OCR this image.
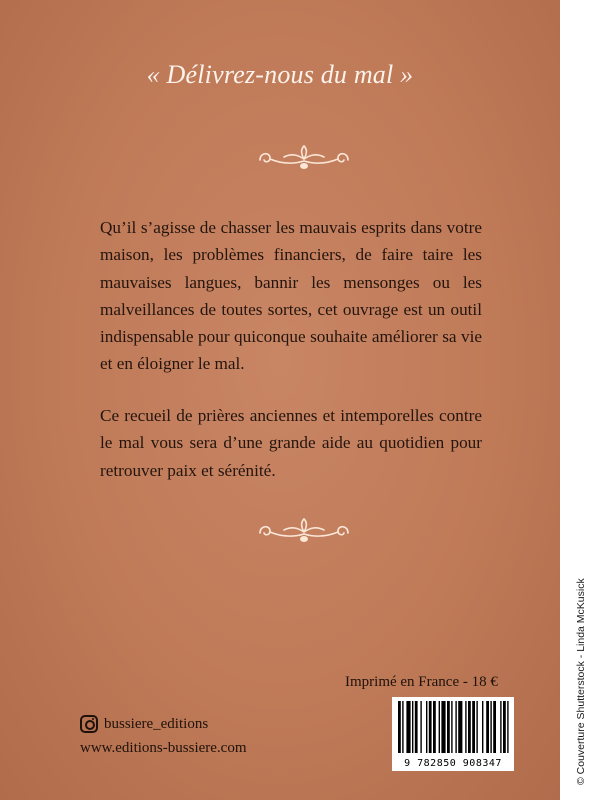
« Délivrez-nous du mal »
Qu’il s’agisse de chasser les mauvais esprits dans votre maison, les problèmes financiers, de faire taire les mauvaises langues, bannir les mensonges ou les malveillances de toutes sortes, cet ouvrage est un outil indispensable pour quiconque souhaite améliorer sa vie et en éloigner le mal.
Ce recueil de prières anciennes et intemporelles contre le mal vous sera d’une grande aide au quotidien pour retrouver paix et sérénité.
Imprimé en France - 18 €
9 782850 908347
bussiere_editions
www.editions-bussiere.com	© Couverture Shutterstock - Linda McKusick
